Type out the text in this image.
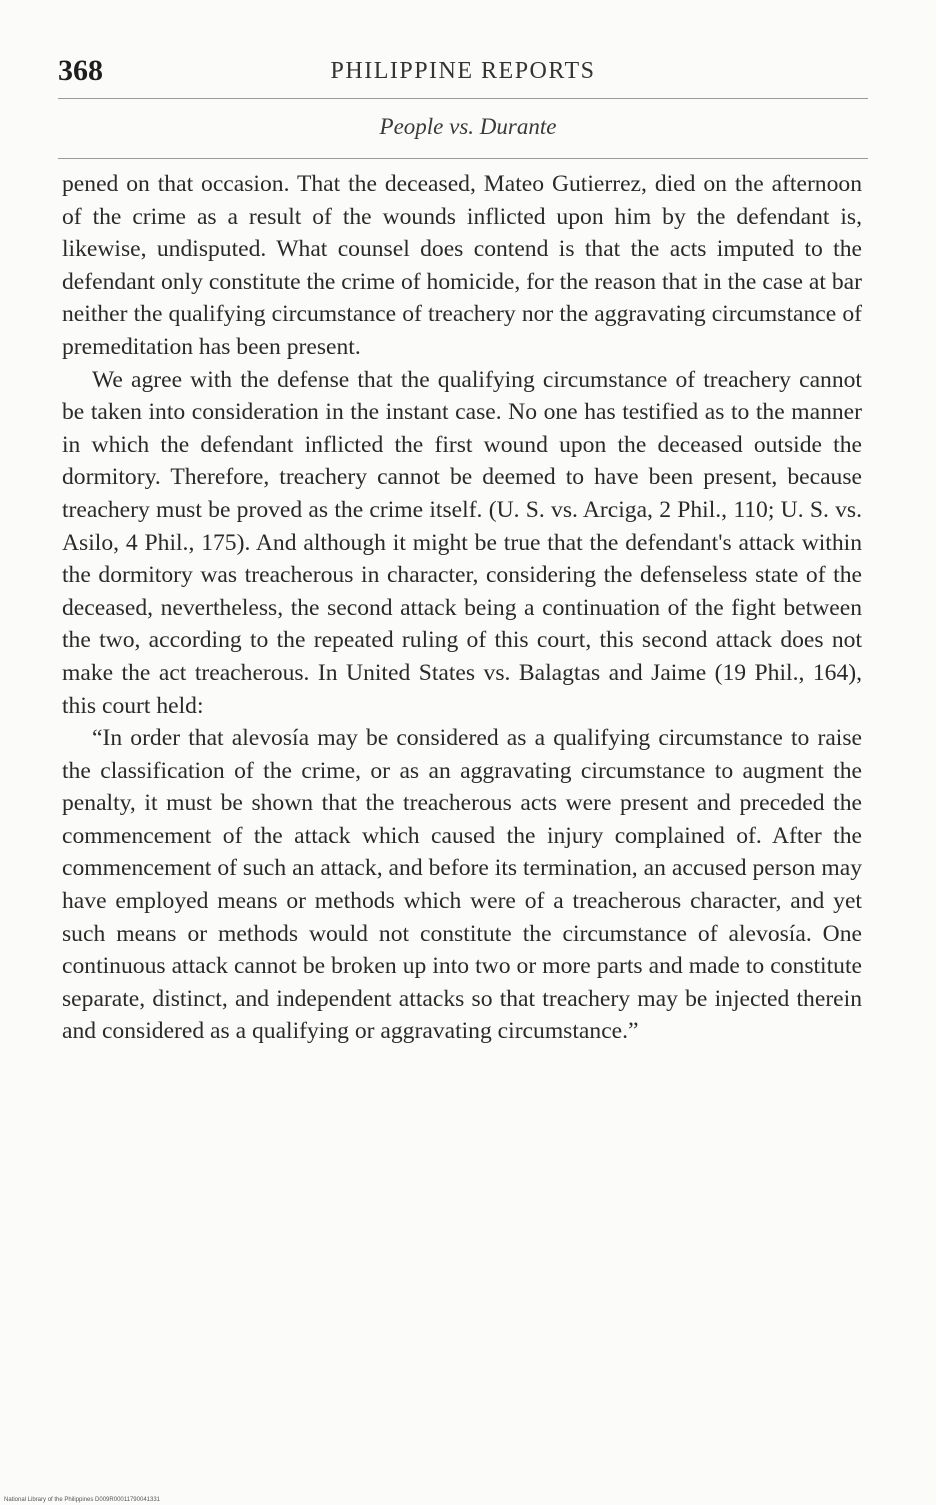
368	PHILIPPINE REPORTS
People vs. Durante

pened on that occasion. That the deceased, Mateo Gutierrez, died on the afternoon of the crime as a result of the wounds inflicted upon him by the defendant is, likewise, undisputed. What counsel does contend is that the acts imputed to the defendant only constitute the crime of homicide, for the reason that in the case at bar neither the qualifying circumstance of treachery nor the aggravating circumstance of premeditation has been present.

We agree with the defense that the qualifying circumstance of treachery cannot be taken into consideration in the instant case. No one has testified as to the manner in which the defendant inflicted the first wound upon the deceased outside the dormitory. Therefore, treachery cannot be deemed to have been present, because treachery must be proved as the crime itself. (U. S. vs. Arciga, 2 Phil., 110; U. S. vs. Asilo, 4 Phil., 175). And although it might be true that the defendant's attack within the dormitory was treacherous in character, considering the defenseless state of the deceased, nevertheless, the second attack being a continuation of the fight between the two, according to the repeated ruling of this court, this second attack does not make the act treacherous. In United States vs. Balagtas and Jaime (19 Phil., 164), this court held:

“In order that alevosía may be considered as a qualifying circumstance to raise the classification of the crime, or as an aggravating circumstance to augment the penalty, it must be shown that the treacherous acts were present and preceded the commencement of the attack which caused the injury complained of. After the commencement of such an attack, and before its termination, an accused person may have employed means or methods which were of a treacherous character, and yet such means or methods would not constitute the circumstance of alevosía. One continuous attack cannot be broken up into two or more parts and made to constitute separate, distinct, and independent attacks so that treachery may be injected therein and considered as a qualifying or aggravating circumstance.”

National Library of the Philippines D009R00011790041331
